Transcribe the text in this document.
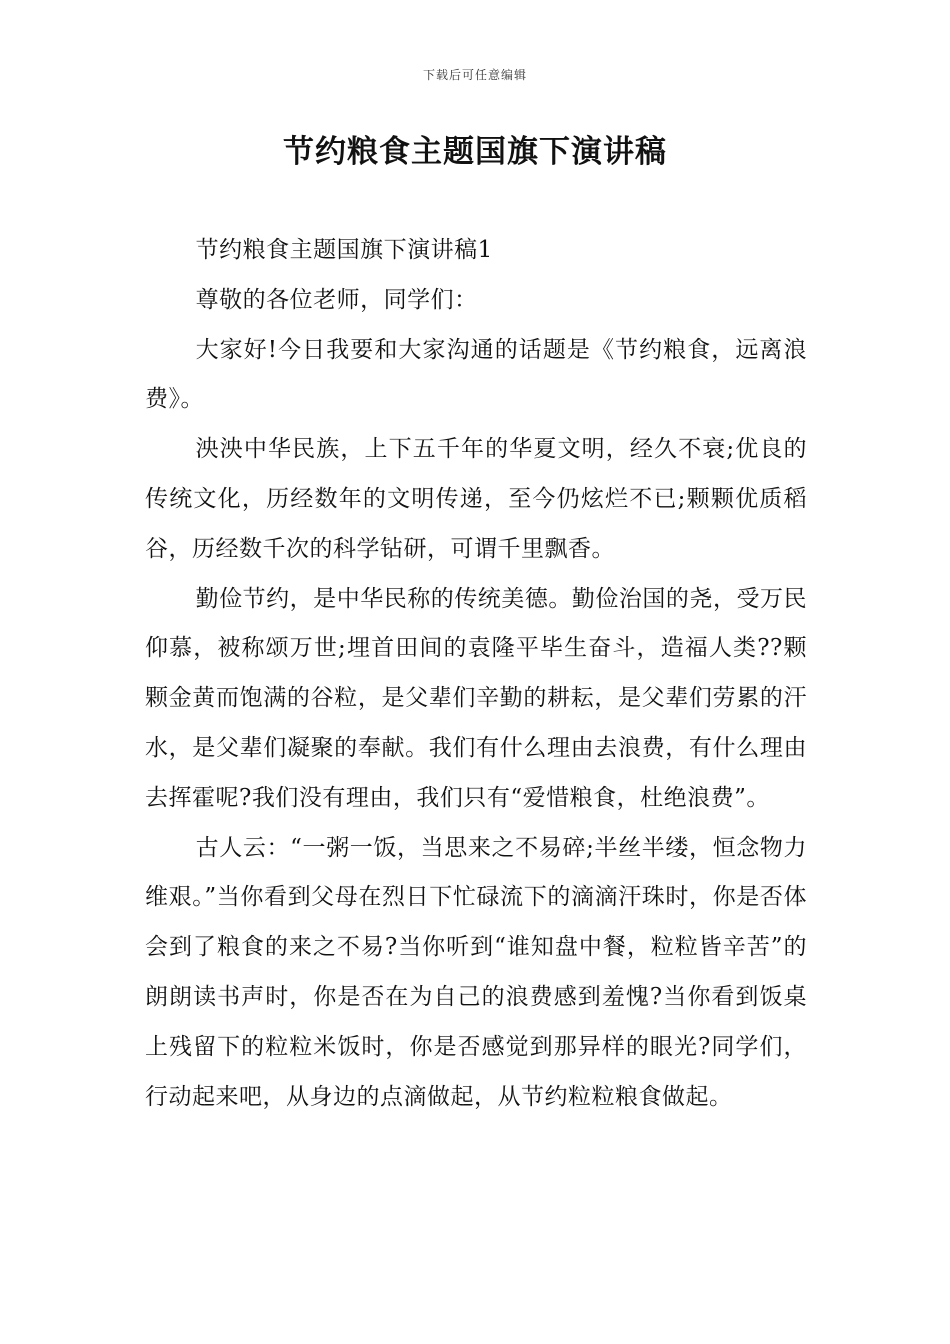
下载后可任意编辑
节约粮食主题国旗下演讲稿

节约粮食主题国旗下演讲稿1

尊敬的各位老师，同学们：

大家好!今日我要和大家沟通的话题是《节约粮食，远离浪费》。

泱泱中华民族，上下五千年的华夏文明，经久不衰;优良的传统文化，历经数年的文明传递，至今仍炫烂不已;颗颗优质稻谷，历经数千次的科学钻研，可谓千里飘香。

勤俭节约，是中华民称的传统美德。勤俭治国的尧，受万民仰慕，被称颂万世;埋首田间的袁隆平毕生奋斗，造福人类??颗颗金黄而饱满的谷粒，是父辈们辛勤的耕耘，是父辈们劳累的汗水，是父辈们凝聚的奉献。我们有什么理由去浪费，有什么理由去挥霍呢?我们没有理由，我们只有“爱惜粮食，杜绝浪费”。

古人云：“一粥一饭，当思来之不易碎;半丝半缕，恒念物力维艰。”当你看到父母在烈日下忙碌流下的滴滴汗珠时，你是否体会到了粮食的来之不易?当你听到“谁知盘中餐，粒粒皆辛苦”的朗朗读书声时，你是否在为自己的浪费感到羞愧?当你看到饭桌上残留下的粒粒米饭时，你是否感觉到那异样的眼光?同学们，行动起来吧，从身边的点滴做起，从节约粒粒粮食做起。
